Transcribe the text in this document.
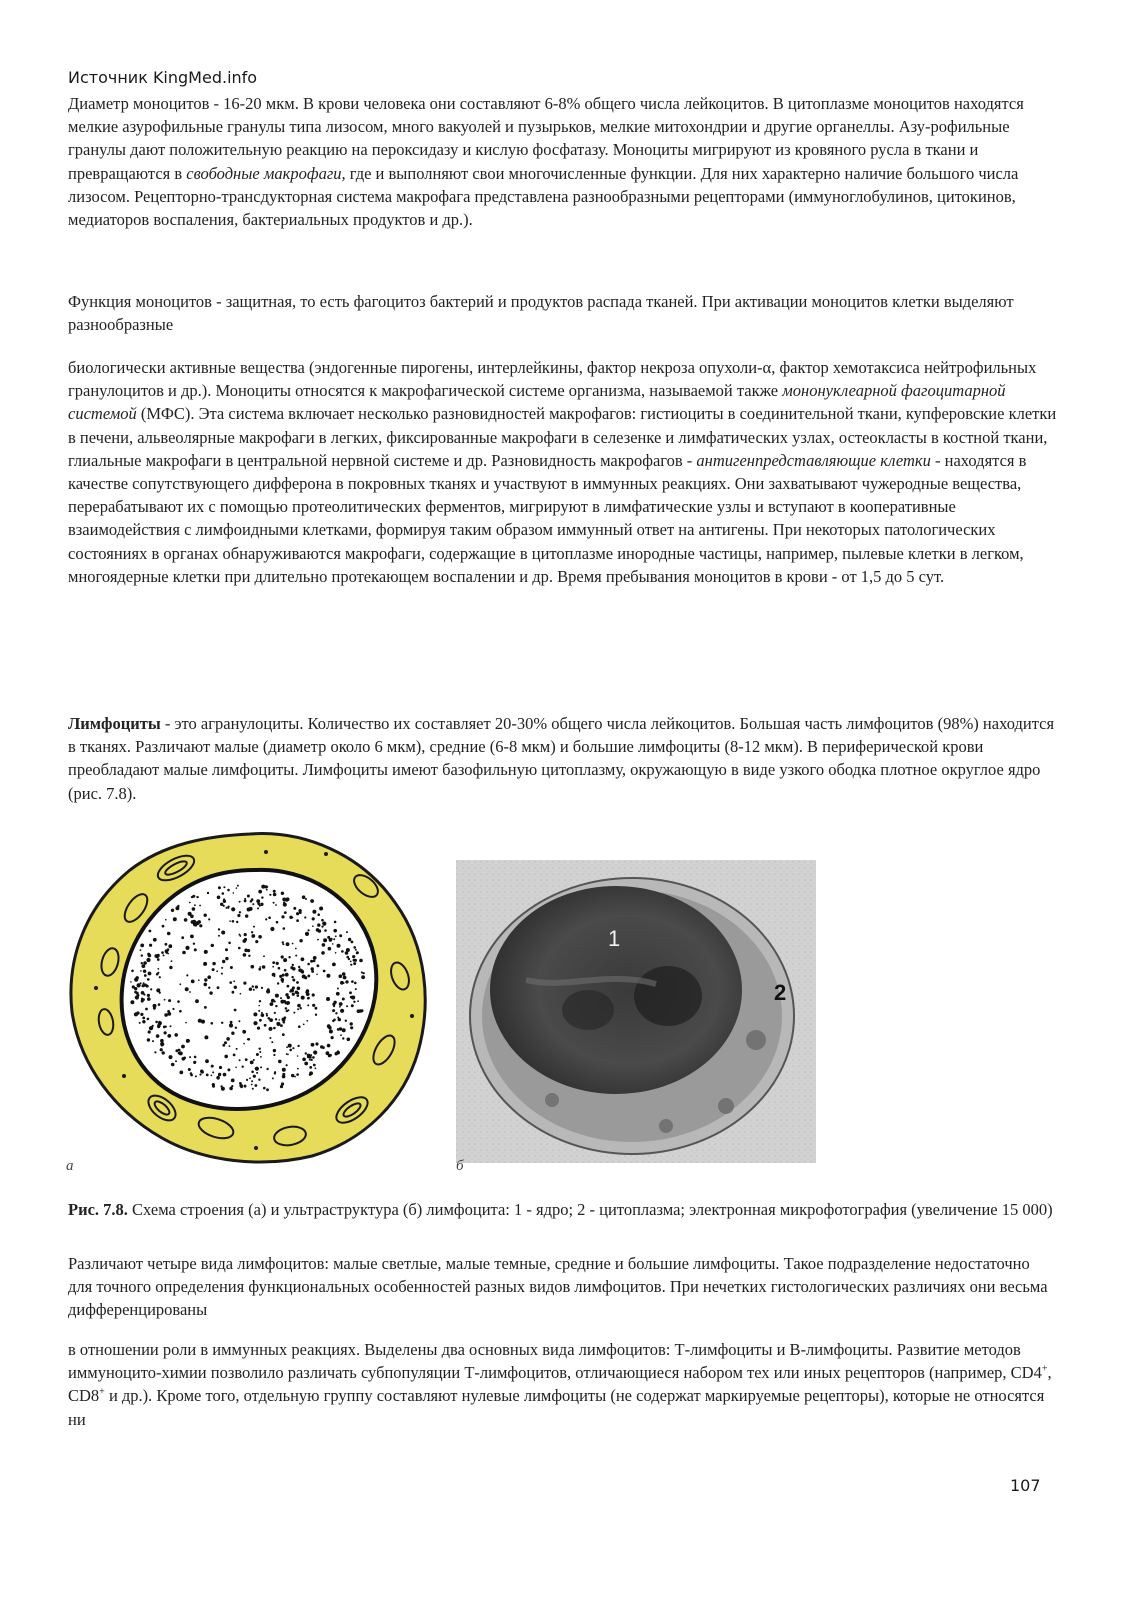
Источник KingMed.info

Диаметр моноцитов - 16-20 мкм. В крови человека они составляют 6-8% общего числа лейкоцитов. В цитоплазме моноцитов находятся мелкие азурофильные гранулы типа лизосом, много вакуолей и пузырьков, мелкие митохондрии и другие органеллы. Азу-рофильные гранулы дают положительную реакцию на пероксидазу и кислую фосфатазу. Моноциты мигрируют из кровяного русла в ткани и превращаются в свободные макрофаги, где и выполняют свои многочисленные функции. Для них характерно наличие большого числа лизосом. Рецепторно-трансдукторная система макрофага представлена разнообразными рецепторами (иммуноглобулинов, цитокинов, медиаторов воспаления, бактериальных продуктов и др.).

Функция моноцитов - защитная, то есть фагоцитоз бактерий и продуктов распада тканей. При активации моноцитов клетки выделяют разнообразные

биологически активные вещества (эндогенные пирогены, интерлейкины, фактор некроза опухоли-α, фактор хемотаксиса нейтрофильных гранулоцитов и др.). Моноциты относятся к макрофагической системе организма, называемой также мононуклеарной фагоцитарной системой (МФС). Эта система включает несколько разновидностей макрофагов: гистиоциты в соединительной ткани, купферовские клетки в печени, альвеолярные макрофаги в легких, фиксированные макрофаги в селезенке и лимфатических узлах, остеокласты в костной ткани, глиальные макрофаги в центральной нервной системе и др. Разновидность макрофагов - антигенпредставляющие клетки - находятся в качестве сопутствующего дифферона в покровных тканях и участвуют в иммунных реакциях. Они захватывают чужеродные вещества, перерабатывают их с помощью протеолитических ферментов, мигрируют в лимфатические узлы и вступают в кооперативные взаимодействия с лимфоидными клетками, формируя таким образом иммунный ответ на антигены. При некоторых патологических состояниях в органах обнаруживаются макрофаги, содержащие в цитоплазме инородные частицы, например, пылевые клетки в легком, многоядерные клетки при длительно протекающем воспалении и др. Время пребывания моноцитов в крови - от 1,5 до 5 сут.

Лимфоциты - это агранулоциты. Количество их составляет 20-30% общего числа лейкоцитов. Большая часть лимфоцитов (98%) находится в тканях. Различают малые (диаметр около 6 мкм), средние (6-8 мкм) и большие лимфоциты (8-12 мкм). В периферической крови преобладают малые лимфоциты. Лимфоциты имеют базофильную цитоплазму, окружающую в виде узкого ободка плотное округлое ядро (рис. 7.8).

а
1
2
б

Рис. 7.8. Схема строения (а) и ультраструктура (б) лимфоцита: 1 - ядро; 2 - цитоплазма; электронная микрофотография (увеличение 15 000)

Различают четыре вида лимфоцитов: малые светлые, малые темные, средние и большие лимфоциты. Такое подразделение недостаточно для точного определения функциональных особенностей разных видов лимфоцитов. При нечетких гистологических различиях они весьма дифференцированы

в отношении роли в иммунных реакциях. Выделены два основных вида лимфоцитов: Т-лимфоциты и В-лимфоциты. Развитие методов иммуноцито-химии позволило различать субпопуляции Т-лимфоцитов, отличающиеся набором тех или иных рецепторов (например, CD4+, CD8+ и др.). Кроме того, отдельную группу составляют нулевые лимфоциты (не содержат маркируемые рецепторы), которые не относятся ни

107
